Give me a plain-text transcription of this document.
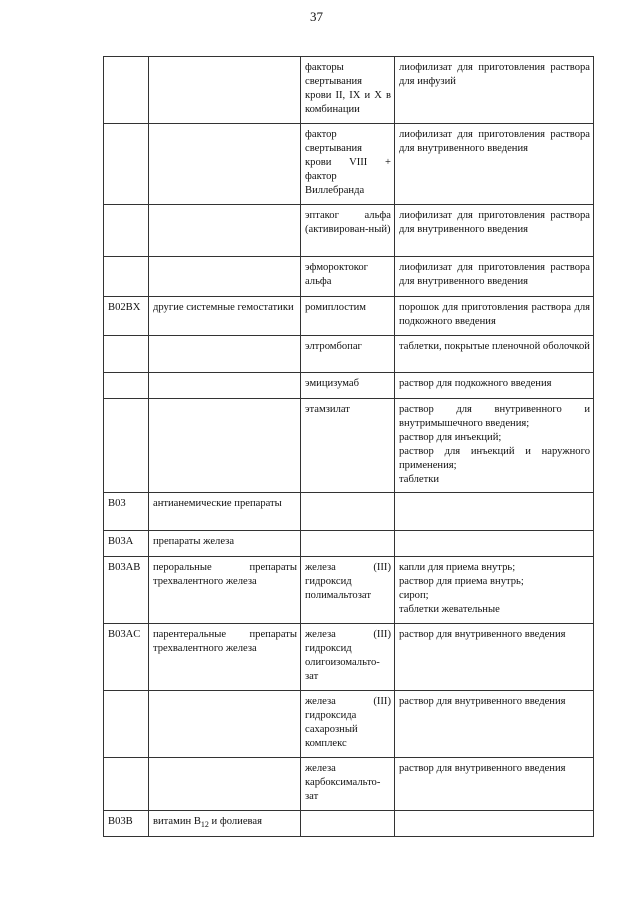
37
		факторы свертывания крови II, IX и X в комбинации	лиофилизат для приготовления раствора для инфузий

		фактор свертывания крови VIII + фактор Виллебранда	лиофилизат для приготовления раствора для внутривенного введения

		эптаког альфа (активирован-ный)	лиофилизат для приготовления раствора для внутривенного введения

		эфмороктоког альфа	лиофилизат для приготовления раствора для внутривенного введения

B02BX	другие системные гемостатики	ромиплостим	порошок для приготовления раствора для подкожного введения

		элтромбопаг	таблетки, покрытые пленочной оболочкой

		эмицизумаб	раствор для подкожного введения

		этамзилат	раствор для внутривенного и внутримышечного введения;
раствор для инъекций;
раствор для инъекций и наружного применения;
таблетки

B03	антианемические препараты		
B03A	препараты железа		
B03AB	пероральные препараты трехвалентного железа	железа (III) гидроксид полимальтозат	капли для приема внутрь;
раствор для приема внутрь;
сироп;
таблетки жевательные

B03AC	парентеральные препараты трехвалентного железа	железа (III) гидроксид олигоизомальто-зат	раствор для внутривенного введения

		железа (III) гидроксида сахарозный комплекс	раствор для внутривенного введения

		железа карбоксимальто-зат	раствор для внутривенного введения

B03B	витамин $B_{12}$ и фолиевая		
